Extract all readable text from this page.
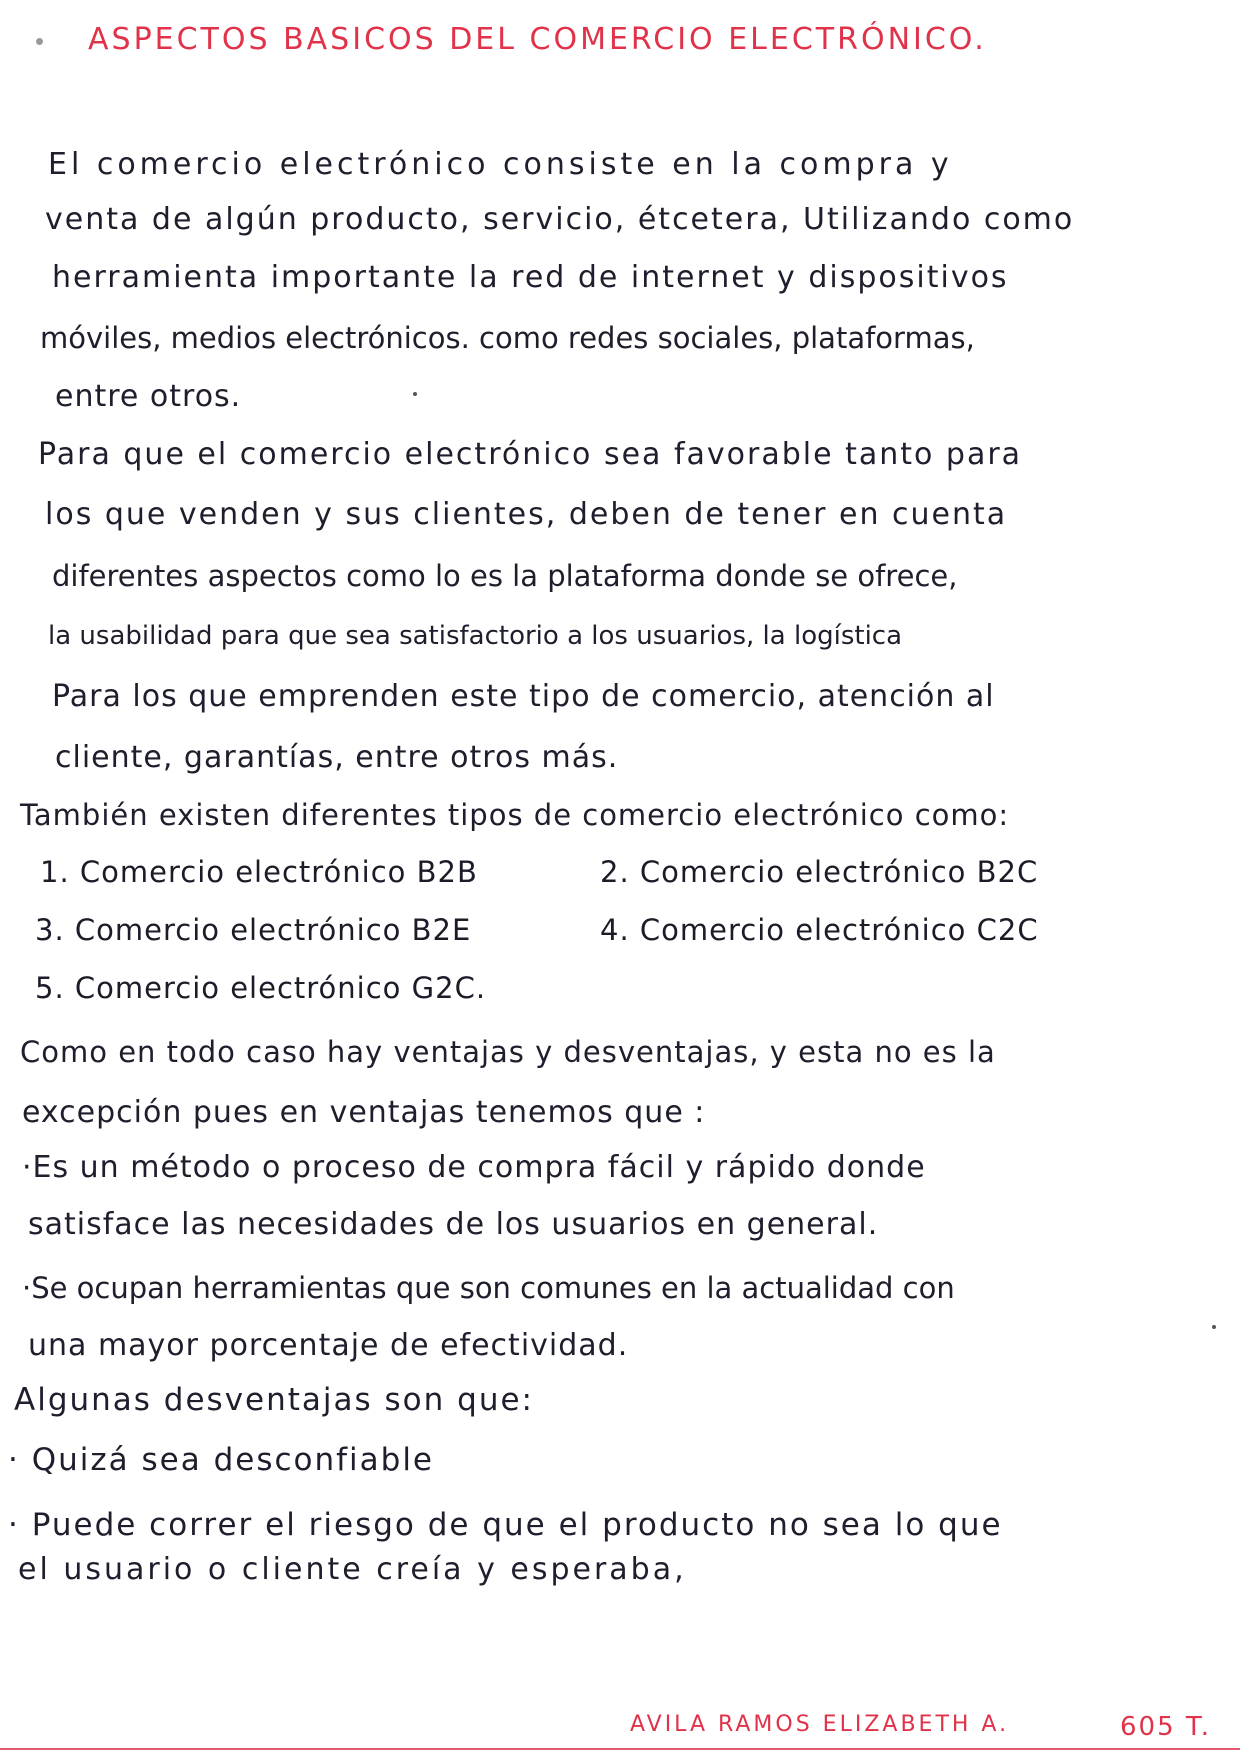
ASPECTOS BASICOS DEL COMERCIO ELECTRÓNICO.
El comercio electrónico consiste en la compra y
venta de algún producto, servicio, étcetera, Utilizando como
herramienta importante la red de internet y dispositivos
móviles, medios electrónicos. como redes sociales, plataformas,
entre otros.
Para que el comercio electrónico sea favorable tanto para
los que venden y sus clientes, deben de tener en cuenta
diferentes aspectos como lo es la plataforma donde se ofrece,
la usabilidad para que sea satisfactorio a los usuarios, la logística
Para los que emprenden este tipo de comercio, atención al
cliente, garantías, entre otros más.
También existen diferentes tipos de comercio electrónico como:
1. Comercio electrónico B2B	2. Comercio electrónico B2C
3. Comercio electrónico B2E	4. Comercio electrónico C2C
5. Comercio electrónico G2C.
Como en todo caso hay ventajas y desventajas, y esta no es la
excepción pues en ventajas tenemos que :
·Es un método o proceso de compra fácil y rápido donde
satisface las necesidades de los usuarios en general.
·Se ocupan herramientas que son comunes en la actualidad con
una mayor porcentaje de efectividad.
Algunas desventajas son que:
· Quizá sea desconfiable
· Puede correr el riesgo de que el producto no sea lo que
el usuario o cliente creía y esperaba,
AVILA RAMOS ELIZABETH A.	605 T.
